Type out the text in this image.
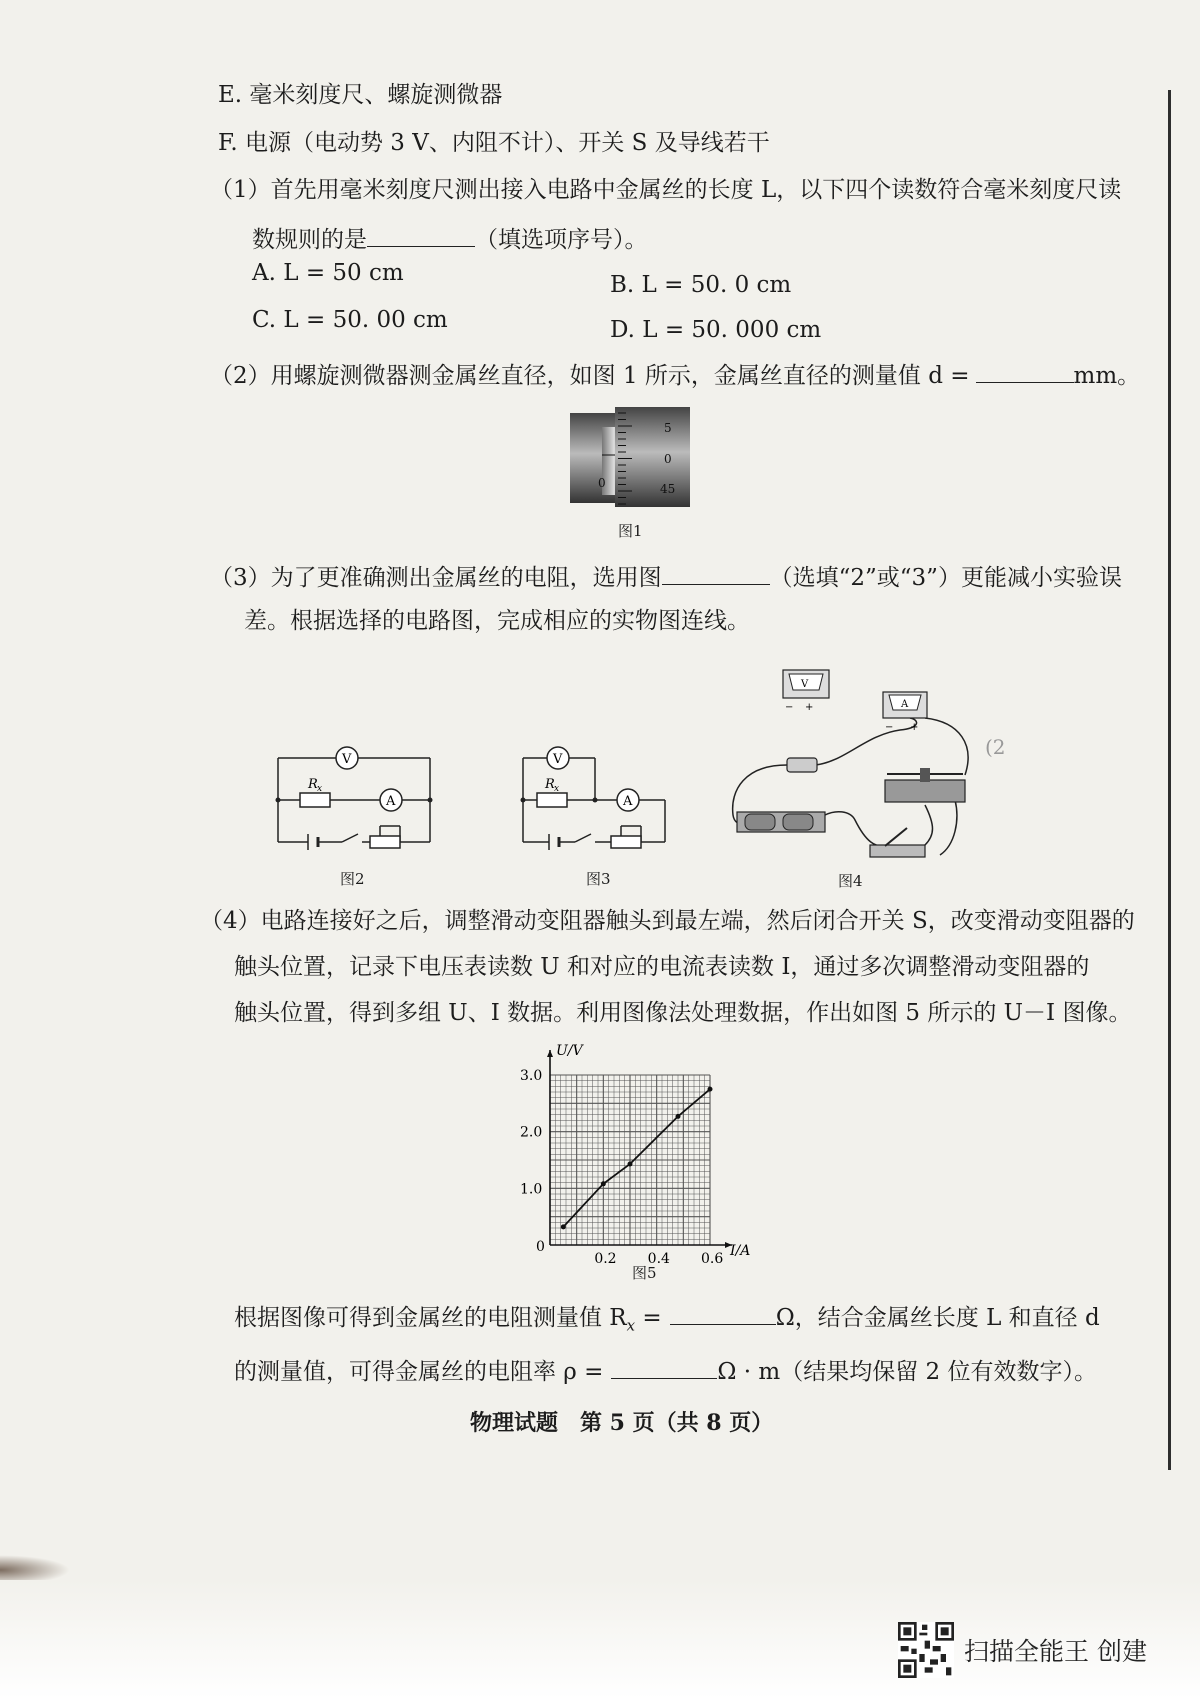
E. 毫米刻度尺、螺旋测微器
F. 电源（电动势 3 V、内阻不计）、开关 S 及导线若干
（1）首先用毫米刻度尺测出接入电路中金属丝的长度 L，以下四个读数符合毫米刻度尺读
数规则的是	（填选项序号）。
A. L = 50 cm	B. L = 50. 0 cm
C. L = 50. 00 cm	D. L = 50. 000 cm
（2）用螺旋测微器测金属丝直径，如图 1 所示，金属丝直径的测量值 d =	mm。
5
0
45
0
图1
（3）为了更准确测出金属丝的电阻，选用图	（选填“2”或“3”）更能减小实验误
差。根据选择的电路图，完成相应的实物图连线。
V
A
R x
图2
V
A
R x
图3
V
− +	A
− +
图4
(2
（4）电路连接好之后，调整滑动变阻器触头到最左端，然后闭合开关 S，改变滑动变阻器的
触头位置，记录下电压表读数 U 和对应的电流表读数 I，通过多次调整滑动变阻器的
触头位置，得到多组 U、I 数据。利用图像法处理数据，作出如图 5 所示的 U－I 图像。
0.2 0.4 0.6
1.0
2.0
3.0
0	I/A
U/V
图5
根据图像可得到金属丝的电阻测量值 $R_x$ =	Ω，结合金属丝长度 L 和直径 d
的测量值，可得金属丝的电阻率 ρ =	Ω · m（结果均保留 2 位有效数字）。
物理试题　第 5 页（共 8 页）
扫描全能王 创建
